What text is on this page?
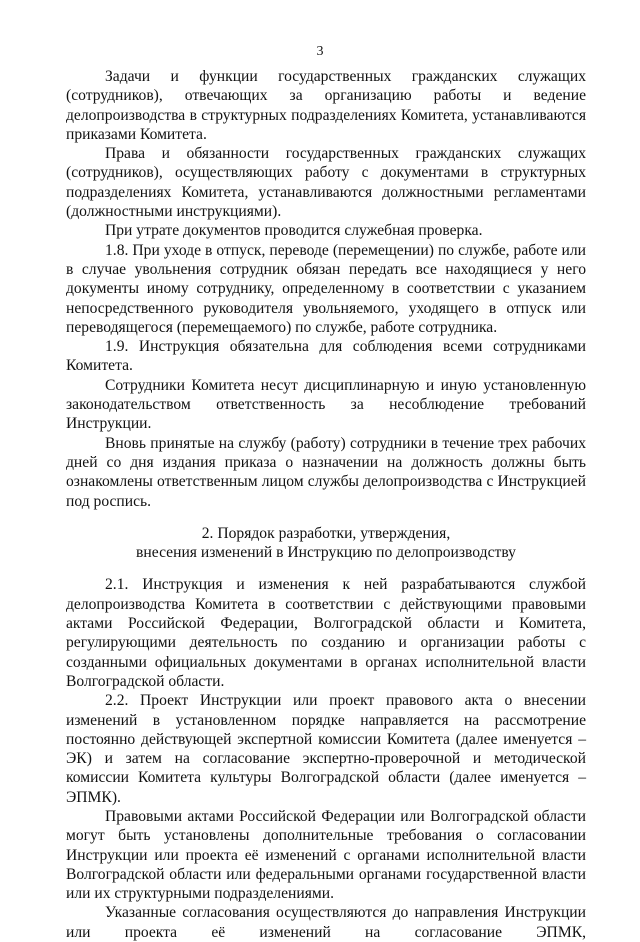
3

Задачи и функции государственных гражданских служащих (сотрудников), отвечающих за организацию работы и ведение делопроизводства в структурных подразделениях Комитета, устанавливаются приказами Комитета.

Права и обязанности государственных гражданских служащих (сотрудников), осуществляющих работу с документами в структурных подразделениях Комитета, устанавливаются должностными регламентами (должностными инструкциями).

При утрате документов проводится служебная проверка.

1.8. При уходе в отпуск, переводе (перемещении) по службе, работе или в случае увольнения сотрудник обязан передать все находящиеся у него документы иному сотруднику, определенному в соответствии с указанием непосредственного руководителя увольняемого, уходящего в отпуск или переводящегося (перемещаемого) по службе, работе сотрудника.

1.9. Инструкция обязательна для соблюдения всеми сотрудниками Комитета.

Сотрудники Комитета несут дисциплинарную и иную установленную законодательством ответственность за несоблюдение требований Инструкции.

Вновь принятые на службу (работу) сотрудники в течение трех рабочих дней со дня издания приказа о назначении на должность должны быть ознакомлены ответственным лицом службы делопроизводства с Инструкцией под роспись.

2. Порядок разработки, утверждения,

внесения изменений в Инструкцию по делопроизводству

2.1. Инструкция и изменения к ней разрабатываются службой делопроизводства Комитета в соответствии с действующими правовыми актами Российской Федерации, Волгоградской области и Комитета, регулирующими деятельность по созданию и организации работы с созданными официальных документами в органах исполнительной власти Волгоградской области.

2.2. Проект Инструкции или проект правового акта о внесении изменений в установленном порядке направляется на рассмотрение постоянно действующей экспертной комиссии Комитета (далее именуется – ЭК) и затем на согласование экспертно-проверочной и методической комиссии Комитета культуры Волгоградской области (далее именуется – ЭПМК).

Правовыми актами Российской Федерации или Волгоградской области могут быть установлены дополнительные требования о согласовании Инструкции или проекта её изменений с органами исполнительной власти Волгоградской области или федеральными органами государственной власти или их структурными подразделениями.

Указанные согласования осуществляются до направления Инструкции или проекта её изменений на согласование ЭПМК,
